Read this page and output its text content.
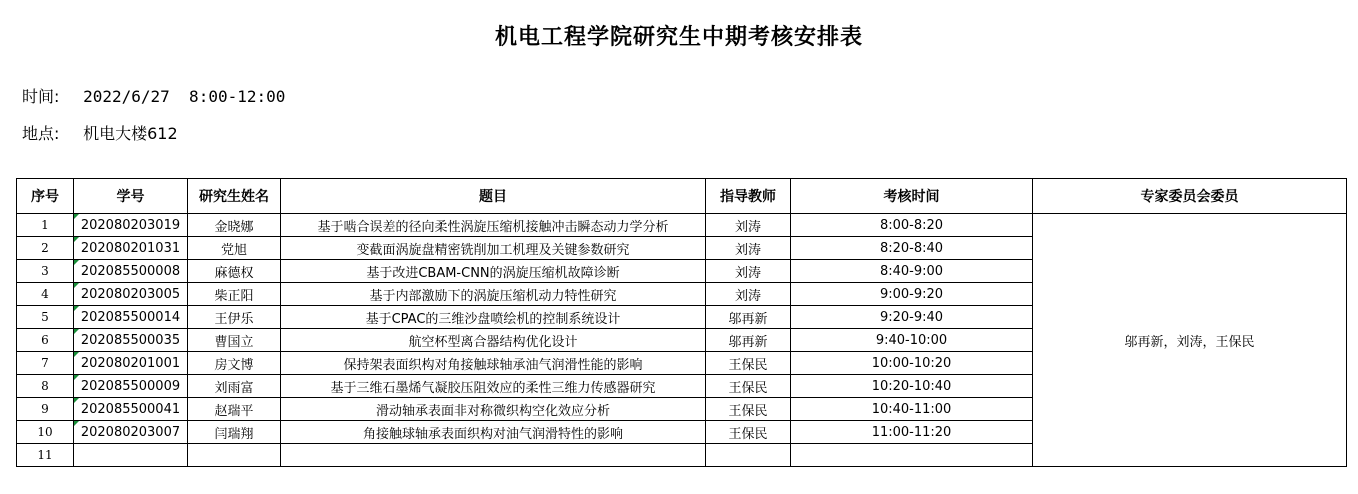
机电工程学院研究生中期考核安排表
时间: 2022/6/27  8:00-12:00
地点: 机电大楼612
序号	学号	研究生姓名	题目	指导教师	考核时间	专家委员会委员
1	202080203019	金晓娜	基于啮合误差的径向柔性涡旋压缩机接触冲击瞬态动力学分析	刘涛	8:00-8:20	邬再新，刘涛，王保民
2	202080201031	党旭	变截面涡旋盘精密铣削加工机理及关键参数研究	刘涛	8:20-8:40	
3	202085500008	麻德权	基于改进CBAM-CNN的涡旋压缩机故障诊断	刘涛	8:40-9:00	
4	202080203005	柴正阳	基于内部激励下的涡旋压缩机动力特性研究	刘涛	9:00-9:20	
5	202085500014	王伊乐	基于CPAC的三维沙盘喷绘机的控制系统设计	邬再新	9:20-9:40	
6	202085500035	曹国立	航空杯型离合器结构优化设计	邬再新	9:40-10:00	
7	202080201001	房文博	保持架表面织构对角接触球轴承油气润滑性能的影响	王保民	10:00-10:20	
8	202085500009	刘雨富	基于三维石墨烯气凝胶压阻效应的柔性三维力传感器研究	王保民	10:20-10:40	
9	202085500041	赵瑞平	滑动轴承表面非对称微织构空化效应分析	王保民	10:40-11:00	
10	202080203007	闫瑞翔	角接触球轴承表面织构对油气润滑特性的影响	王保民	11:00-11:20	
11						
